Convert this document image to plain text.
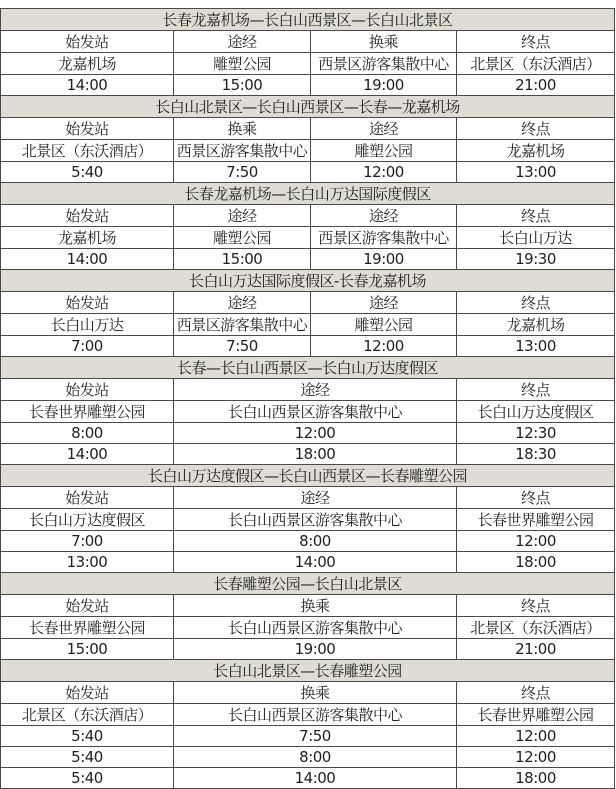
长春龙嘉机场—长白山西景区—长白山北景区			
始发站	途经	换乘	终点
龙嘉机场	雕塑公园	西景区游客集散中心	北景区（东沃酒店）
14:00	15:00	19:00	21:00
长白山北景区—长白山西景区—长春—龙嘉机场			
始发站	换乘	途经	终点
北景区（东沃酒店）	西景区游客集散中心	雕塑公园	龙嘉机场
5:40	7:50	12:00	13:00
长春龙嘉机场—长白山万达国际度假区			
始发站	途经	途经	终点
龙嘉机场	雕塑公园	西景区游客集散中心	长白山万达
14:00	15:00	19:00	19:30
长白山万达国际度假区-长春龙嘉机场			
始发站	途经	途经	终点
长白山万达	西景区游客集散中心	雕塑公园	龙嘉机场
7:00	7:50	12:00	13:00
长春—长白山西景区—长白山万达度假区			
始发站	途经		终点
长春世界雕塑公园	长白山西景区游客集散中心		长白山万达度假区
8:00	12:00		12:30
14:00	18:00		18:30
长白山万达度假区—长白山西景区—长春雕塑公园			
始发站	途经		终点
长白山万达度假区	长白山西景区游客集散中心		长春世界雕塑公园
7:00	8:00		12:00
13:00	14:00		18:00
长春雕塑公园—长白山北景区			
始发站	换乘		终点
长春世界雕塑公园	长白山西景区游客集散中心		北景区（东沃酒店）
15:00	19:00		21:00
长白山北景区—长春雕塑公园			
始发站	换乘		终点
北景区（东沃酒店）	长白山西景区游客集散中心		长春世界雕塑公园
5:40	7:50		12:00
5:40	8:00		12:00
5:40	14:00		18:00
